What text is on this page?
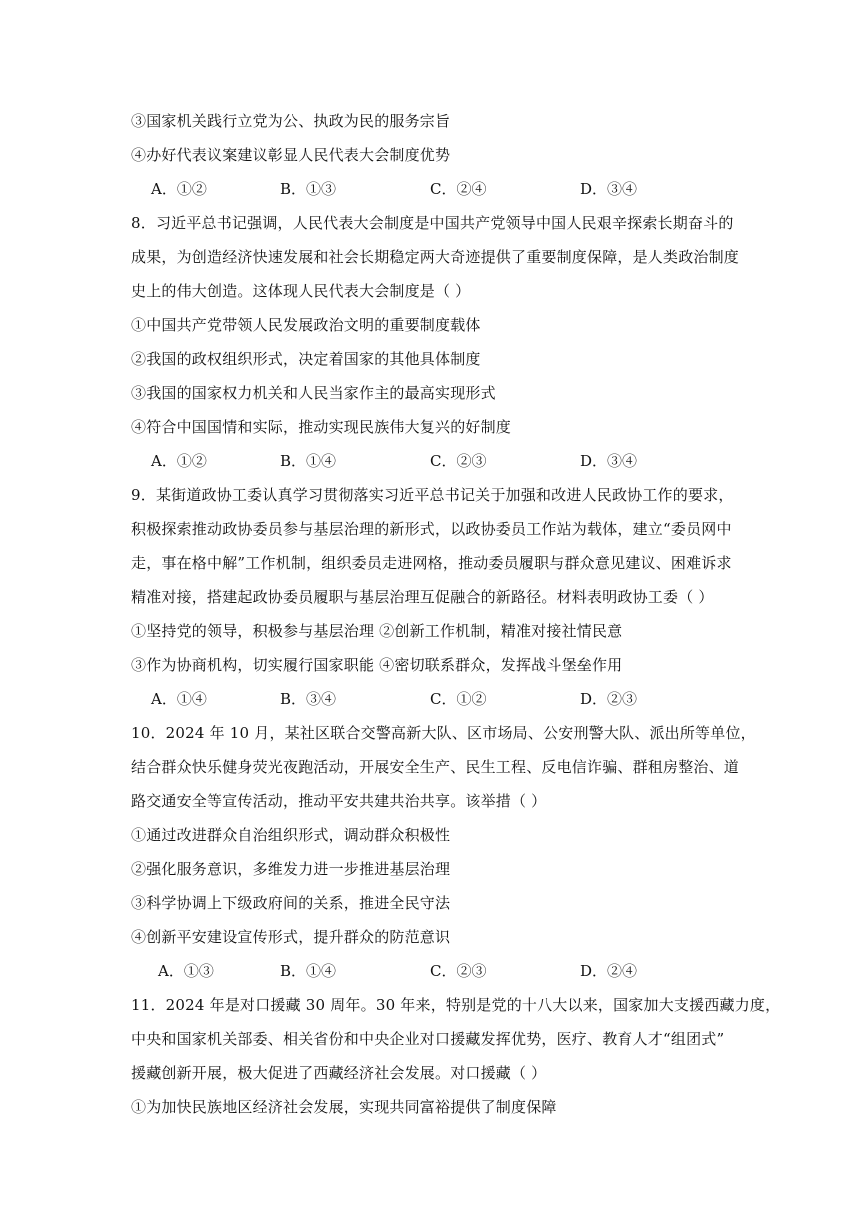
③国家机关践行立党为公、执政为民的服务宗旨
④办好代表议案建议彰显人民代表大会制度优势
A．①②	B．①③	C．②④	D．③④
8．习近平总书记强调，人民代表大会制度是中国共产党领导中国人民艰辛探索长期奋斗的
成果，为创造经济快速发展和社会长期稳定两大奇迹提供了重要制度保障，是人类政治制度
史上的伟大创造。这体现人民代表大会制度是（ ）
①中国共产党带领人民发展政治文明的重要制度载体
②我国的政权组织形式，决定着国家的其他具体制度
③我国的国家权力机关和人民当家作主的最高实现形式
④符合中国国情和实际，推动实现民族伟大复兴的好制度
A．①②	B．①④	C．②③	D．③④
9．某街道政协工委认真学习贯彻落实习近平总书记关于加强和改进人民政协工作的要求，
积极探索推动政协委员参与基层治理的新形式，以政协委员工作站为载体，建立“委员网中
走，事在格中解”工作机制，组织委员走进网格，推动委员履职与群众意见建议、困难诉求
精准对接，搭建起政协委员履职与基层治理互促融合的新路径。材料表明政协工委（ ）
①坚持党的领导，积极参与基层治理 ②创新工作机制，精准对接社情民意
③作为协商机构，切实履行国家职能 ④密切联系群众，发挥战斗堡垒作用
A．①④	B．③④	C．①②	D．②③
10．2024 年 10 月，某社区联合交警高新大队、区市场局、公安刑警大队、派出所等单位，
结合群众快乐健身荧光夜跑活动，开展安全生产、民生工程、反电信诈骗、群租房整治、道
路交通安全等宣传活动，推动平安共建共治共享。该举措（ ）
①通过改进群众自治组织形式，调动群众积极性
②强化服务意识，多维发力进一步推进基层治理
③科学协调上下级政府间的关系，推进全民守法
④创新平安建设宣传形式，提升群众的防范意识
A．①③	B．①④	C．②③	D．②④
11．2024 年是对口援藏 30 周年。30 年来，特别是党的十八大以来，国家加大支援西藏力度，
中央和国家机关部委、相关省份和中央企业对口援藏发挥优势，医疗、教育人才“组团式”
援藏创新开展，极大促进了西藏经济社会发展。对口援藏（ ）
①为加快民族地区经济社会发展，实现共同富裕提供了制度保障
